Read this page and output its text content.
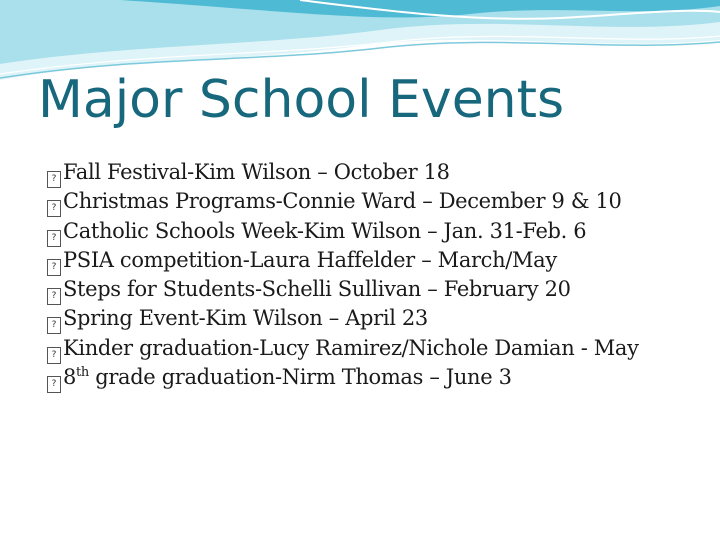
Major School Events
? Fall Festival-Kim Wilson – October 18
? Christmas Programs-Connie Ward – December 9 & 10
? Catholic Schools Week-Kim Wilson – Jan. 31-Feb. 6
? PSIA competition-Laura Haffelder – March/May
? Steps for Students-Schelli Sullivan – February 20
? Spring Event-Kim Wilson – April 23
? Kinder graduation-Lucy Ramirez/Nichole Damian - May
? 8th grade graduation-Nirm Thomas – June 3
